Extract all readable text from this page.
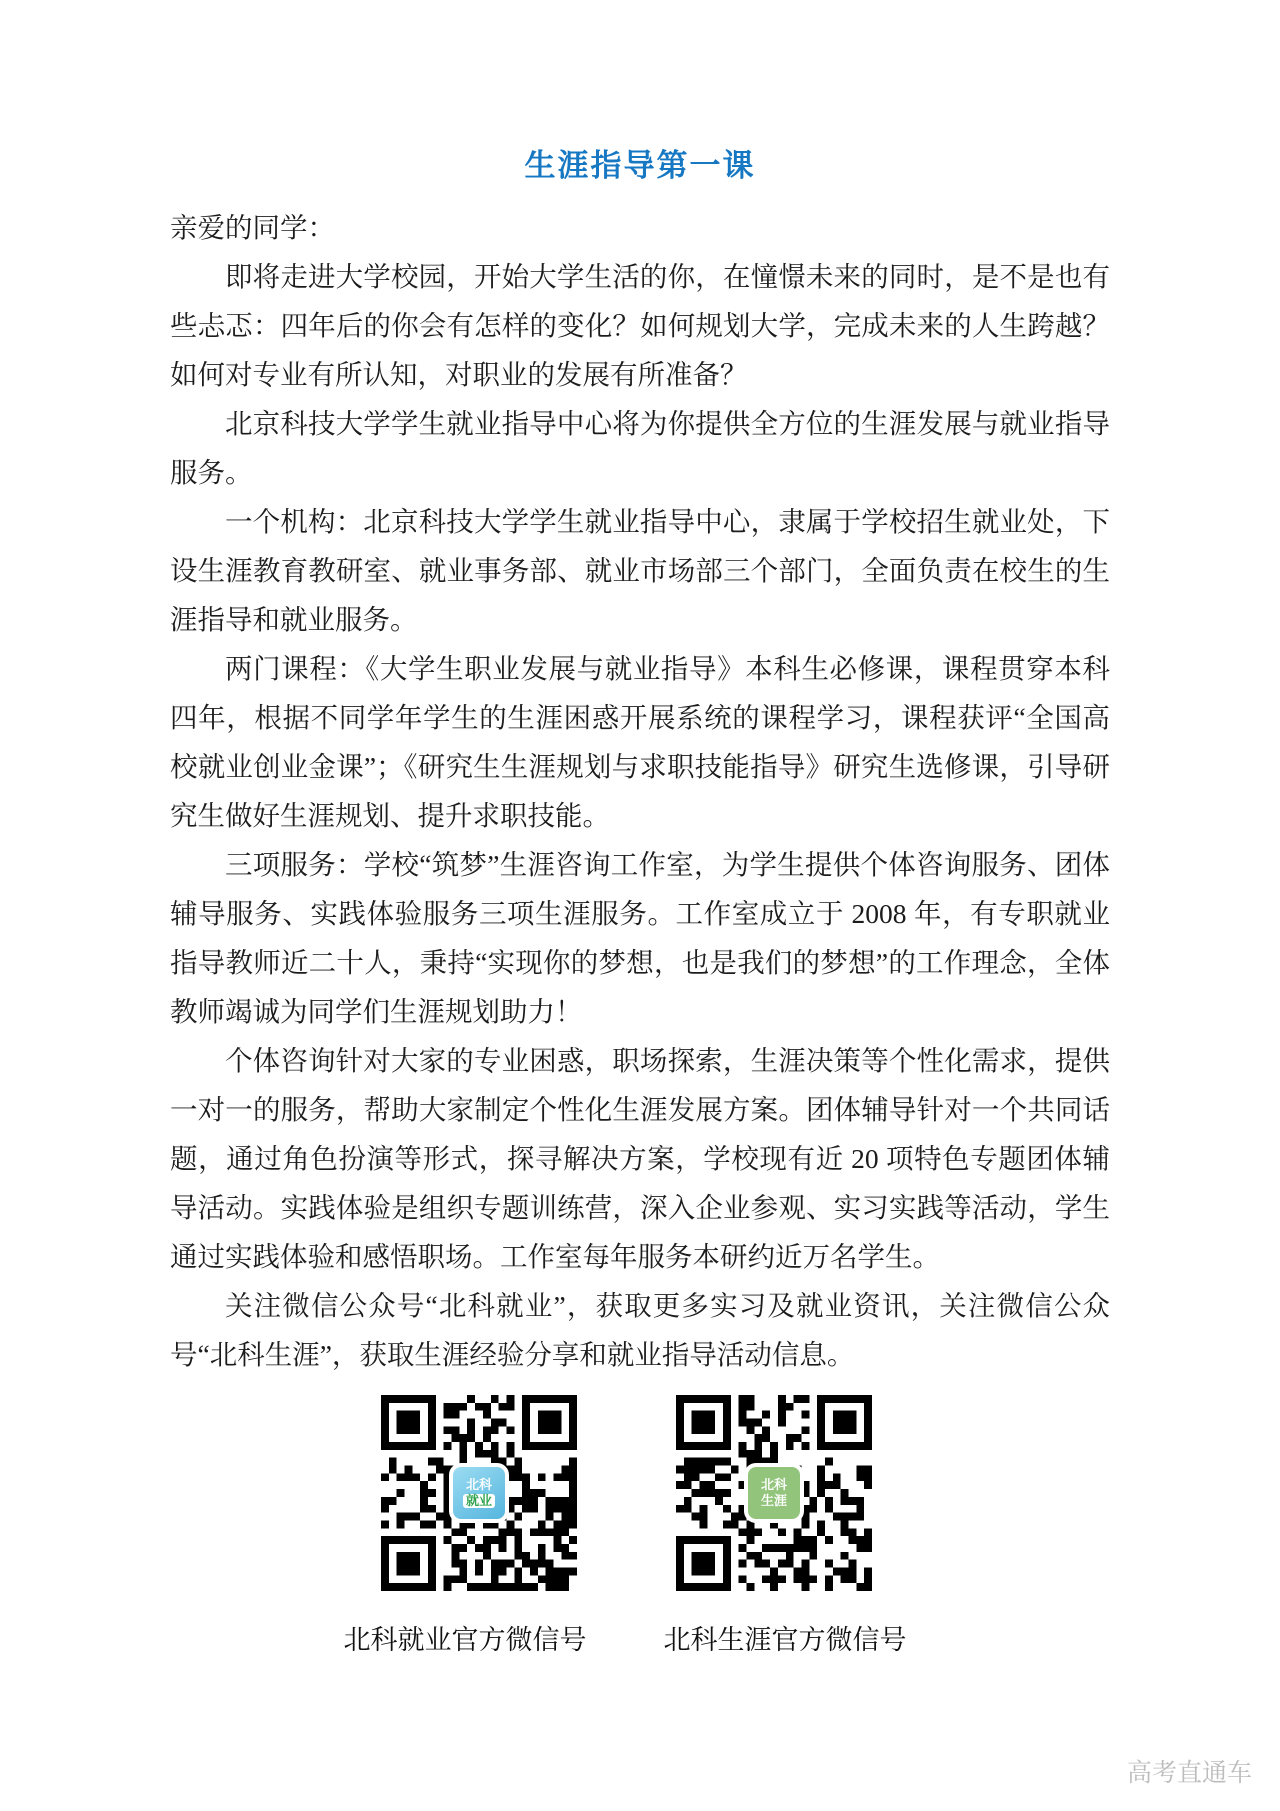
生涯指导第一课

亲爱的同学：

即将走进大学校园，开始大学生活的你，在憧憬未来的同时，是不是也有些忐忑：四年后的你会有怎样的变化？如何规划大学，完成未来的人生跨越？如何对专业有所认知，对职业的发展有所准备？

北京科技大学学生就业指导中心将为你提供全方位的生涯发展与就业指导服务。

一个机构：北京科技大学学生就业指导中心，隶属于学校招生就业处，下设生涯教育教研室、就业事务部、就业市场部三个部门，全面负责在校生的生涯指导和就业服务。

两门课程：《大学生职业发展与就业指导》本科生必修课，课程贯穿本科四年，根据不同学年学生的生涯困惑开展系统的课程学习，课程获评“全国高校就业创业金课”；《研究生生涯规划与求职技能指导》研究生选修课，引导研究生做好生涯规划、提升求职技能。

三项服务：学校“筑梦”生涯咨询工作室，为学生提供个体咨询服务、团体辅导服务、实践体验服务三项生涯服务。工作室成立于 2008 年，有专职就业指导教师近二十人，秉持“实现你的梦想，也是我们的梦想”的工作理念，全体教师竭诚为同学们生涯规划助力！

个体咨询针对大家的专业困惑，职场探索，生涯决策等个性化需求，提供一对一的服务，帮助大家制定个性化生涯发展方案。团体辅导针对一个共同话题，通过角色扮演等形式，探寻解决方案，学校现有近 20 项特色专题团体辅导活动。实践体验是组织专题训练营，深入企业参观、实习实践等活动，学生通过实践体验和感悟职场。工作室每年服务本研约近万名学生。

关注微信公众号“北科就业”，获取更多实习及就业资讯，关注微信公众号“北科生涯”，获取生涯经验分享和就业指导活动信息。

北科
就业
北科
生涯
北科就业官方微信号	北科生涯官方微信号
高考直通车
